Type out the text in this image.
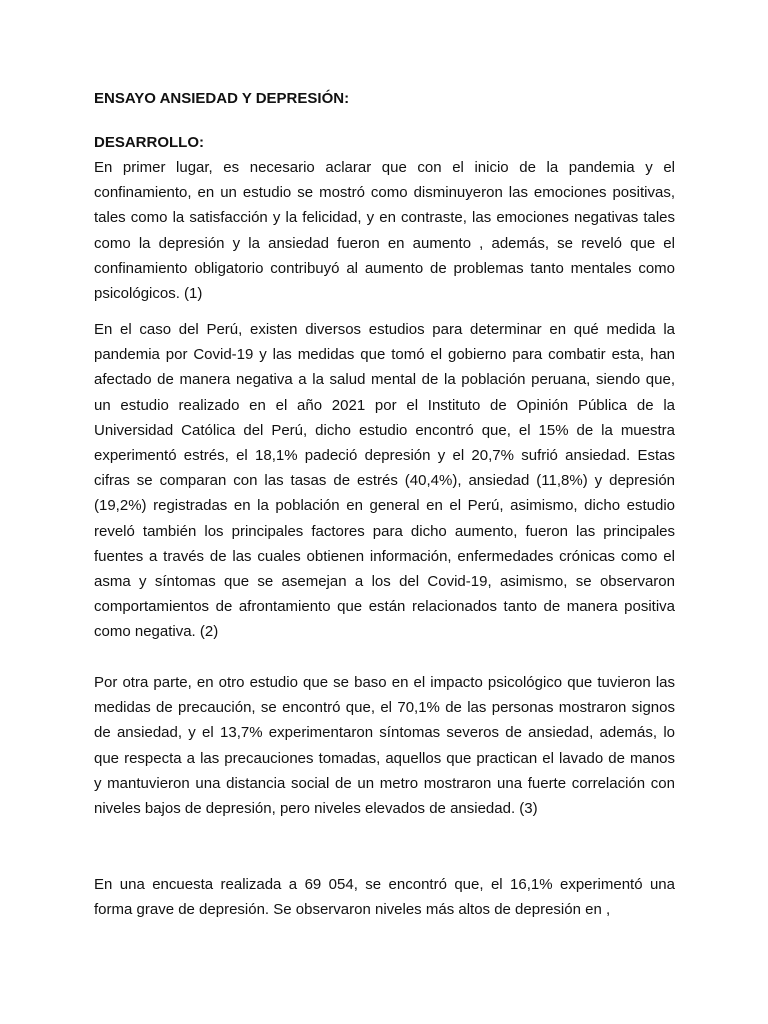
ENSAYO ANSIEDAD Y DEPRESIÓN:
DESARROLLO:

En primer lugar, es necesario aclarar que con el inicio de la pandemia y el confinamiento, en un estudio se mostró como disminuyeron las emociones positivas, tales como la satisfacción y la felicidad, y en contraste, las emociones negativas tales como la depresión y la ansiedad fueron en aumento , además, se reveló que el confinamiento obligatorio contribuyó al aumento de problemas tanto mentales como psicológicos. (1)

En el caso del Perú, existen diversos estudios para determinar en qué medida la pandemia por Covid-19 y las medidas que tomó el gobierno para combatir esta, han afectado de manera negativa a la salud mental de la población peruana, siendo que, un estudio realizado en el año 2021 por el Instituto de Opinión Pública de la Universidad Católica del Perú, dicho estudio encontró que, el 15% de la muestra experimentó estrés, el 18,1% padeció depresión y el 20,7% sufrió ansiedad. Estas cifras se comparan con las tasas de estrés (40,4%), ansiedad (11,8%) y depresión (19,2%) registradas en la población en general en el Perú, asimismo, dicho estudio reveló también los principales factores para dicho aumento, fueron las principales fuentes a través de las cuales obtienen información, enfermedades crónicas como el asma y síntomas que se asemejan a los del Covid-19, asimismo, se observaron comportamientos de afrontamiento que están relacionados tanto de manera positiva como negativa. (2)

Por otra parte, en otro estudio que se baso en el impacto psicológico que tuvieron las medidas de precaución, se encontró que, el 70,1% de las personas mostraron signos de ansiedad, y el 13,7% experimentaron síntomas severos de ansiedad, además, lo que respecta a las precauciones tomadas, aquellos que practican el lavado de manos y mantuvieron una distancia social de un metro mostraron una fuerte correlación con niveles bajos de depresión, pero niveles elevados de ansiedad. (3)

En una encuesta realizada a 69 054, se encontró que, el 16,1% experimentó una forma grave de depresión. Se observaron niveles más altos de depresión en ,
